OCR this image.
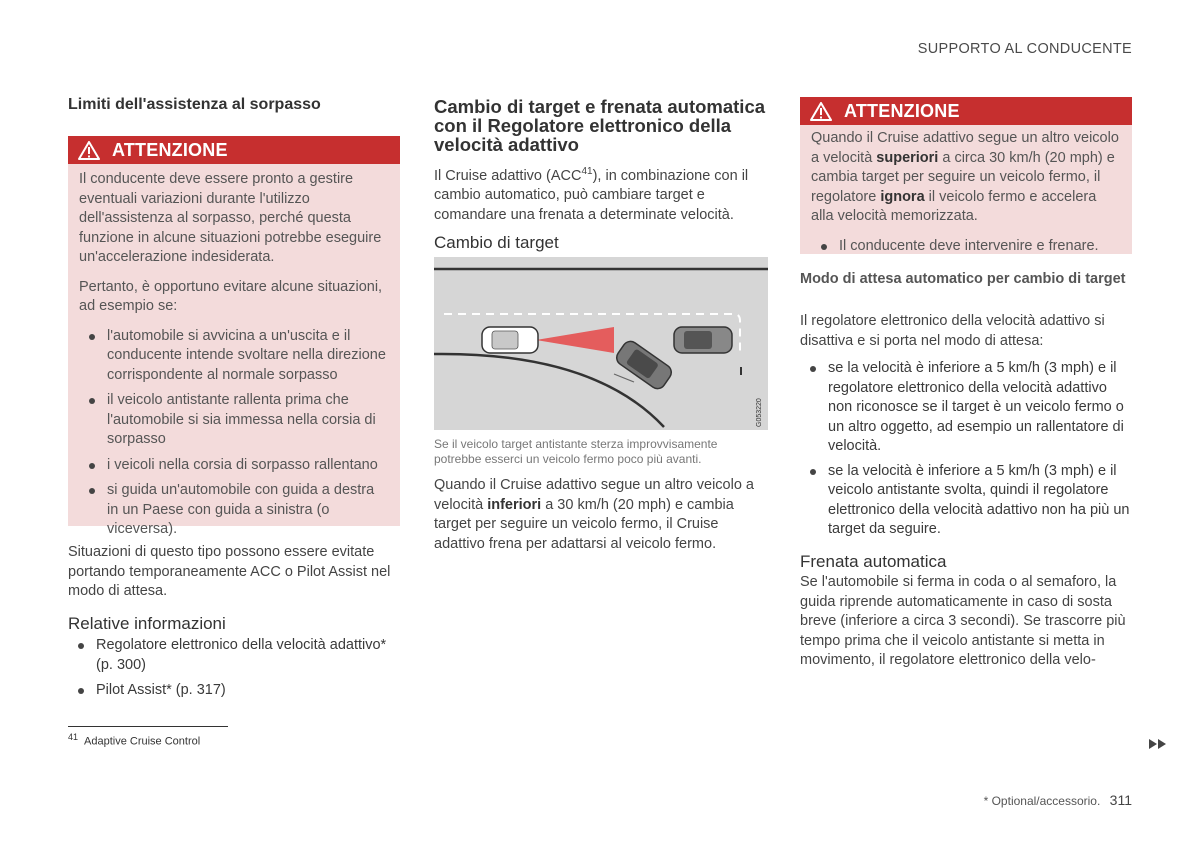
SUPPORTO AL CONDUCENTE
Limiti dell'assistenza al sorpasso
ATTENZIONE

Il conducente deve essere pronto a gestire eventuali variazioni durante l'utilizzo dell'assistenza al sorpasso, perché questa funzione in alcune situazioni potrebbe eseguire un'accelerazione indesiderata.

Pertanto, è opportuno evitare alcune situazioni, ad esempio se:

l'automobile si avvicina a un'uscita e il conducente intende svoltare nella direzione corrispondente al normale sorpasso
il veicolo antistante rallenta prima che l'automobile si sia immessa nella corsia di sorpasso
i veicoli nella corsia di sorpasso rallentano
si guida un'automobile con guida a destra in un Paese con guida a sinistra (o viceversa).

Situazioni di questo tipo possono essere evitate portando temporaneamente ACC o Pilot Assist nel modo di attesa.

Relative informazioni
Regolatore elettronico della velocità adattivo* (p. 300)
Pilot Assist* (p. 317)
$^{41}$ Adaptive Cruise Control
Cambio di target e frenata automatica con il Regolatore elettronico della velocità adattivo

Il Cruise adattivo (ACC$^{41}$), in combinazione con il cambio automatico, può cambiare target e comandare una frenata a determinate velocità.

Cambio di target
G053220
Se il veicolo target antistante sterza improvvisamente potrebbe esserci un veicolo fermo poco più avanti.

Quando il Cruise adattivo segue un altro veicolo a velocità inferiori a 30 km/h (20 mph) e cambia target per seguire un veicolo fermo, il Cruise adattivo frena per adattarsi al veicolo fermo.

ATTENZIONE

Quando il Cruise adattivo segue un altro veicolo a velocità superiori a circa 30 km/h (20 mph) e cambia target per seguire un veicolo fermo, il regolatore ignora il veicolo fermo e accelera alla velocità memorizzata.

Il conducente deve intervenire e frenare.
Modo di attesa automatico per cambio di target

Il regolatore elettronico della velocità adattivo si disattiva e si porta nel modo di attesa:

se la velocità è inferiore a 5 km/h (3 mph) e il regolatore elettronico della velocità adattivo non riconosce se il target è un veicolo fermo o un altro oggetto, ad esempio un rallentatore di velocità.
se la velocità è inferiore a 5 km/h (3 mph) e il veicolo antistante svolta, quindi il regolatore elettronico della velocità adattivo non ha più un target da seguire.
Frenata automatica

Se l'automobile si ferma in coda o al semaforo, la guida riprende automaticamente in caso di sosta breve (inferiore a circa 3 secondi). Se trascorre più tempo prima che il veicolo antistante si metta in movimento, il regolatore elettronico della velo-

* Optional/accessorio. 311
